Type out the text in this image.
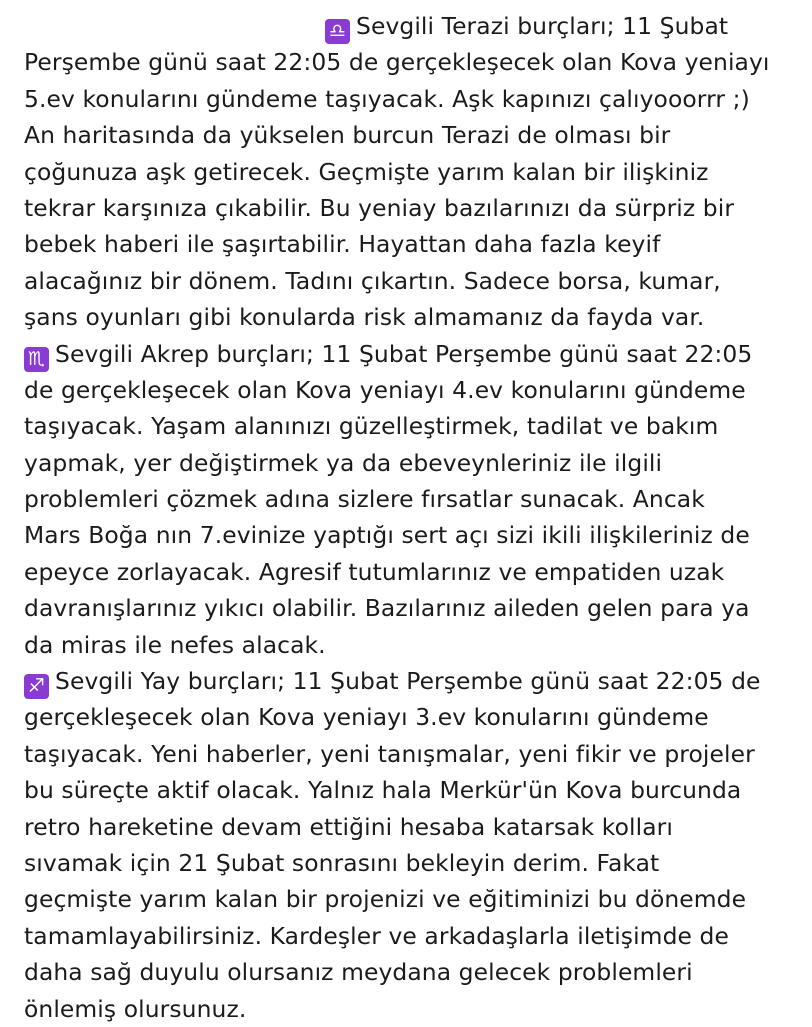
♎ Sevgili Terazi burçları; 11 Şubat
Perşembe günü saat 22:05 de gerçekleşecek olan Kova yeniayı
5.ev konularını gündeme taşıyacak. Aşk kapınızı çalıyooorrr ;)
An haritasında da yükselen burcun Terazi de olması bir
çoğunuza aşk getirecek. Geçmişte yarım kalan bir ilişkiniz
tekrar karşınıza çıkabilir. Bu yeniay bazılarınızı da sürpriz bir
bebek haberi ile şaşırtabilir. Hayattan daha fazla keyif
alacağınız bir dönem. Tadını çıkartın. Sadece borsa, kumar,
şans oyunları gibi konularda risk almamanız da fayda var.
♏ Sevgili Akrep burçları; 11 Şubat Perşembe günü saat 22:05
de gerçekleşecek olan Kova yeniayı 4.ev konularını gündeme
taşıyacak. Yaşam alanınızı güzelleştirmek, tadilat ve bakım
yapmak, yer değiştirmek ya da ebeveynleriniz ile ilgili
problemleri çözmek adına sizlere fırsatlar sunacak. Ancak
Mars Boğa nın 7.evinize yaptığı sert açı sizi ikili ilişkileriniz de
epeyce zorlayacak. Agresif tutumlarınız ve empatiden uzak
davranışlarınız yıkıcı olabilir. Bazılarınız aileden gelen para ya
da miras ile nefes alacak.
♐ Sevgili Yay burçları; 11 Şubat Perşembe günü saat 22:05 de
gerçekleşecek olan Kova yeniayı 3.ev konularını gündeme
taşıyacak. Yeni haberler, yeni tanışmalar, yeni fikir ve projeler
bu süreçte aktif olacak. Yalnız hala Merkür'ün Kova burcunda
retro hareketine devam ettiğini hesaba katarsak kolları
sıvamak için 21 Şubat sonrasını bekleyin derim. Fakat
geçmişte yarım kalan bir projenizi ve eğitiminizi bu dönemde
tamamlayabilirsiniz. Kardeşler ve arkadaşlarla iletişimde de
daha sağ duyulu olursanız meydana gelecek problemleri
önlemiş olursunuz.
